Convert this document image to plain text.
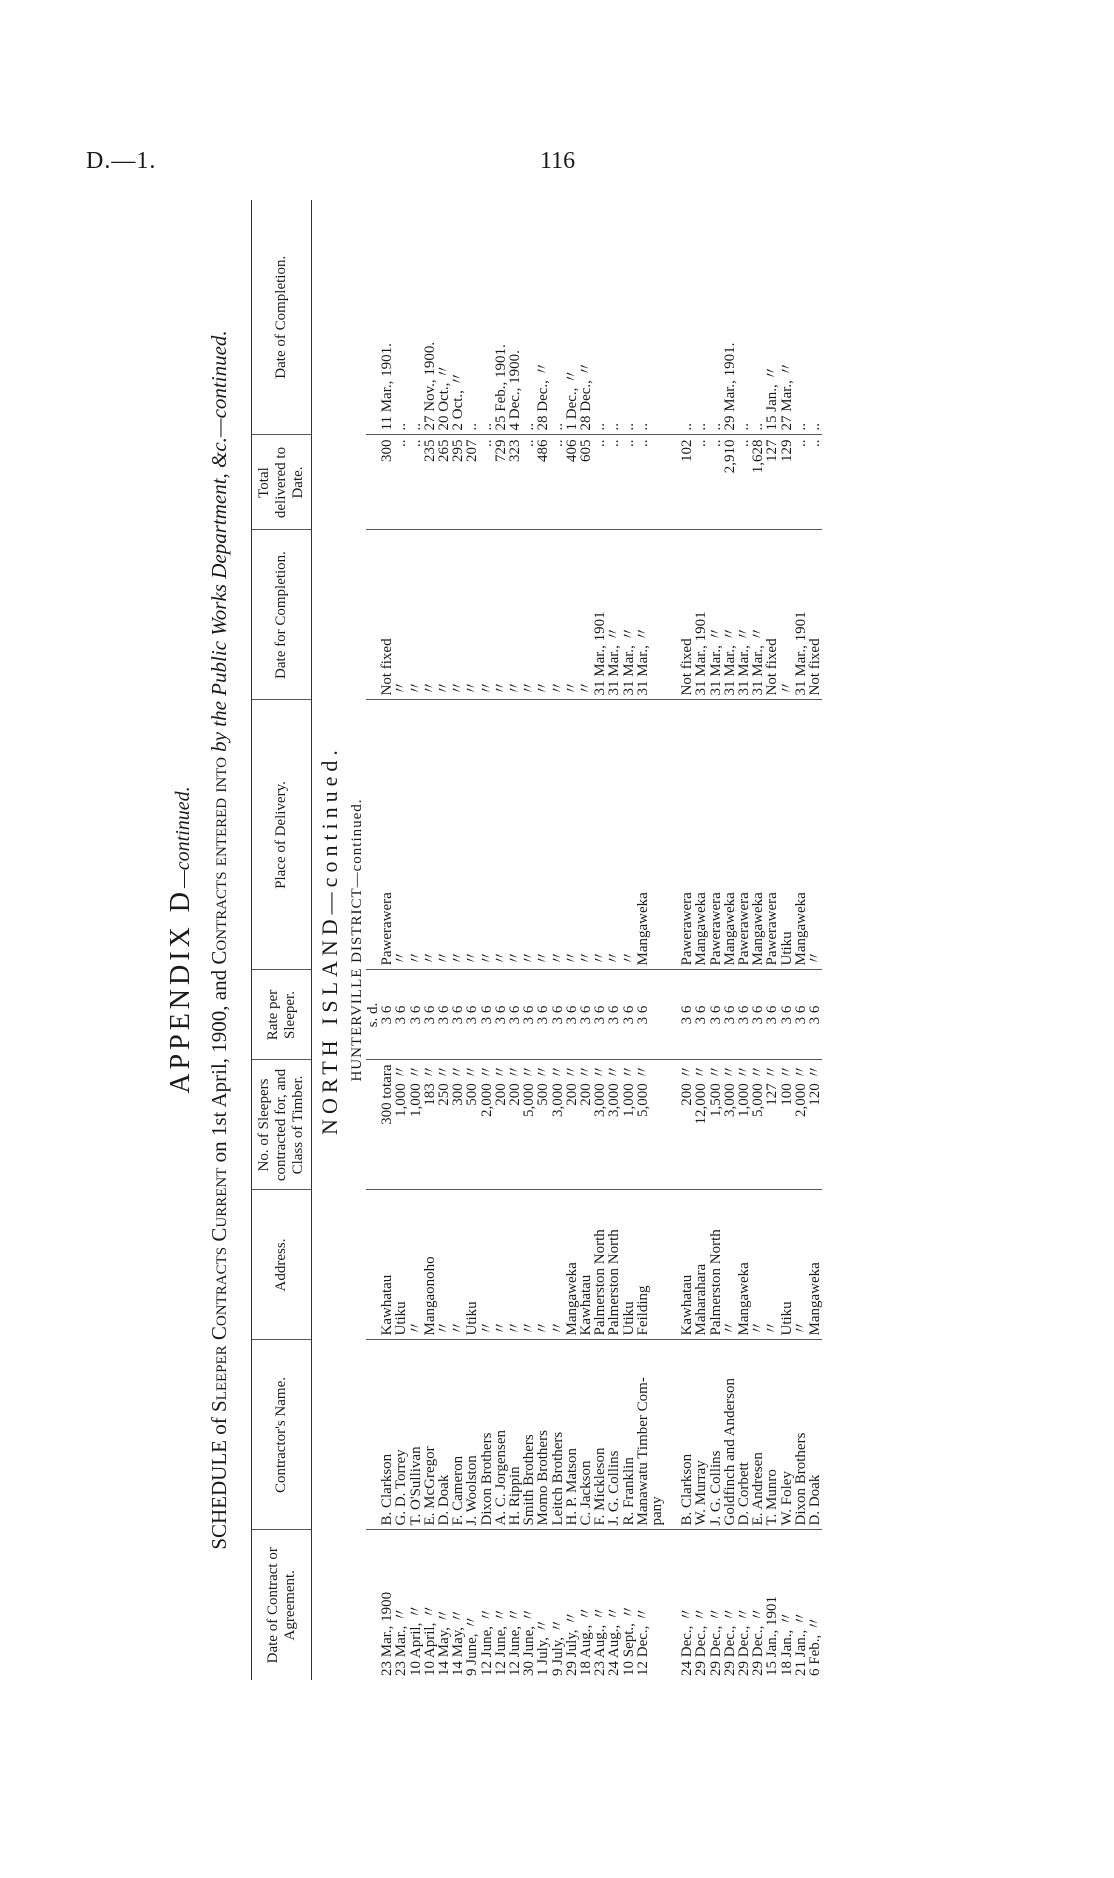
D.—1.	116
APPENDIX D—continued.
SCHEDULE of Sleeper Contracts Current on 1st April, 1900, and Contracts entered into by the Public Works Department, &c.—continued.
Date of Contract or Agreement.	Contractor's Name.	Address.	No. of Sleepers contracted for, and Class of Timber.	Rate per Sleeper.	Place of Delivery.	Date for Completion.	Total delivered to Date.	Date of Completion.

NORTH ISLAND—continued.								

HUNTERVILLE DISTRICT—continued.								

				s. d.				
23 Mar., 1900	B. Clarkson	Kawhatau	300 totara	3 6	Pawerawera	Not fixed	300	11 Mar., 1901.
23 Mar., 〃	G. D. Torrey	Utiku	1,000 〃	3 6	〃	〃	..	..
10 April, 〃	T. O'Sullivan	〃	1,000 〃	3 6	〃	〃	..	..
10 April, 〃	E. McGregor	Mangaonoho	183 〃	3 6	〃	〃	235	27 Nov., 1900.
14 May, 〃	D. Doak	〃	250 〃	3 6	〃	〃	265	20 Oct., 〃
14 May, 〃	F. Cameron	〃	300 〃	3 6	〃	〃	295	2 Oct., 〃
9 June, 〃	J. Woolston	Utiku	500 〃	3 6	〃	〃	207	..
12 June, 〃	Dixon Brothers	〃	2,000 〃	3 6	〃	〃	..	..
12 June, 〃	A. C. Jorgensen	〃	200 〃	3 6	〃	〃	729	25 Feb., 1901.
12 June, 〃	H. Rippin	〃	200 〃	3 6	〃	〃	323	4 Dec., 1900.
30 June, 〃	Smith Brothers	〃	5,000 〃	3 6	〃	〃	..	..
1 July, 〃	Momo Brothers	〃	500 〃	3 6	〃	〃	486	28 Dec., 〃
9 July, 〃	Leitch Brothers	〃	3,000 〃	3 6	〃	〃	..	..
29 July, 〃	H. P. Matson	Mangaweka	200 〃	3 6	〃	〃	406	1 Dec., 〃
18 Aug., 〃	C. Jackson	Kawhatau	200 〃	3 6	〃	〃	605	28 Dec., 〃
23 Aug., 〃	F. Mickleson	Palmerston North	3,000 〃	3 6	〃	31 Mar., 1901	..	..
24 Aug., 〃	J. G. Collins	Palmerston North	3,000 〃	3 6	〃	31 Mar., 〃	..	..
10 Sept., 〃	R. Franklin	Utiku	1,000 〃	3 6	〃	31 Mar., 〃	..	..
12 Dec., 〃	Manawatu Timber Com-	Feilding	5,000 〃	3 6	Mangaweka	31 Mar., 〃	..	..
	pany							

24 Dec., 〃	B. Clarkson	Kawhatau	200 〃	3 6	Pawerawera	Not fixed	102	..
29 Dec., 〃	W. Murray	Maharahara	12,000 〃	3 6	Mangaweka	31 Mar., 1901	..	..
29 Dec., 〃	J. G. Collins	Palmerston North	1,500 〃	3 6	Pawerawera	31 Mar., 〃	..	..
29 Dec., 〃	Goldfinch and Anderson	〃	3,000 〃	3 6	Mangaweka	31 Mar., 〃	2,910	29 Mar., 1901.
29 Dec., 〃	D. Corbett	Mangaweka	1,000 〃	3 6	Pawerawera	31 Mar., 〃	..	..
29 Dec., 〃	E. Andresen	〃	5,000 〃	3 6	Mangaweka	31 Mar., 〃	1,628	..
15 Jan., 1901	T. Munro	〃	127 〃	3 6	Pawerawera	Not fixed	127	15 Jan., 〃
18 Jan., 〃	W. Foley	Utiku	100 〃	3 6	Utiku	〃	129	27 Mar., 〃
21 Jan., 〃	Dixon Brothers	〃	2,000 〃	3 6	Mangaweka	31 Mar., 1901	..	..
6 Feb., 〃	D. Doak	Mangaweka	120 〃	3 6	〃	Not fixed	..	..
